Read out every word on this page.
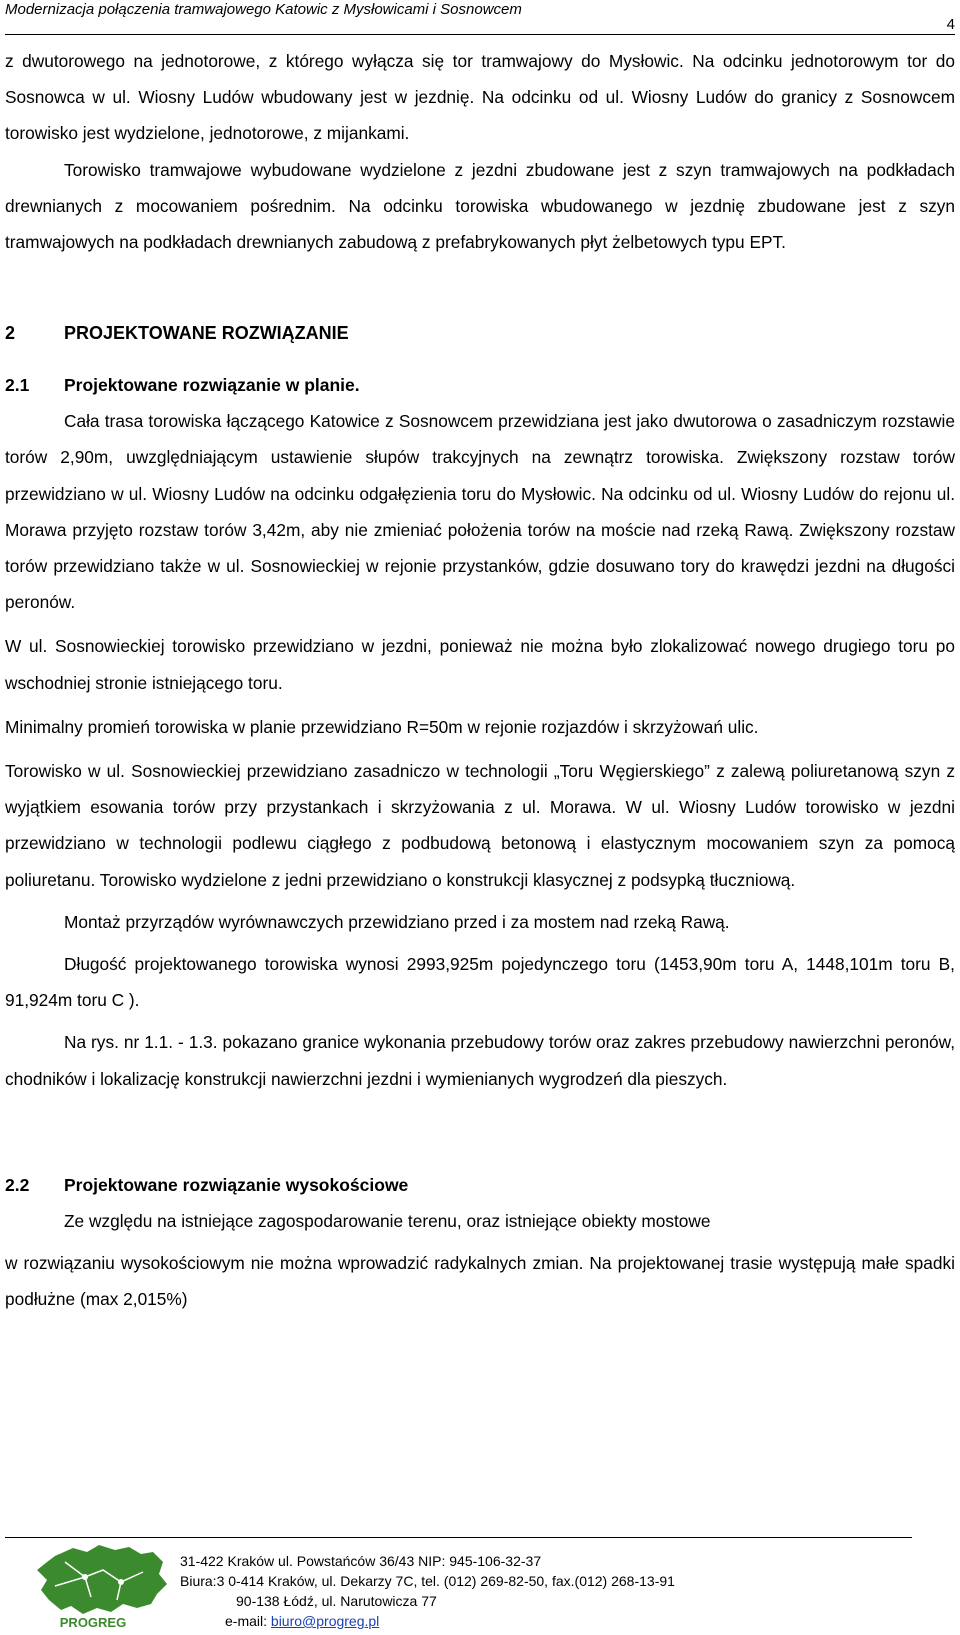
Modernizacja połączenia tramwajowego Katowic z Mysłowicami i Sosnowcem
4

z dwutorowego na jednotorowe, z którego wyłącza się tor tramwajowy do Mysłowic. Na odcinku jednotorowym tor do Sosnowca w ul. Wiosny Ludów wbudowany jest w jezdnię. Na odcinku od ul. Wiosny Ludów do granicy z Sosnowcem torowisko jest wydzielone, jednotorowe, z mijankami.

Torowisko tramwajowe wybudowane wydzielone z jezdni zbudowane jest z szyn tramwajowych na podkładach drewnianych z mocowaniem pośrednim. Na odcinku torowiska wbudowanego w jezdnię zbudowane jest z szyn tramwajowych na podkładach drewnianych zabudową z prefabrykowanych płyt żelbetowych typu EPT.

2	PROJEKTOWANE ROZWIĄZANIE
2.1 Projektowane rozwiązanie w planie.

Cała trasa torowiska łączącego Katowice z Sosnowcem przewidziana jest jako dwutorowa o zasadniczym rozstawie torów 2,90m, uwzględniającym ustawienie słupów trakcyjnych na zewnątrz torowiska. Zwiększony rozstaw torów przewidziano w ul. Wiosny Ludów na odcinku odgałęzienia toru do Mysłowic. Na odcinku od ul. Wiosny Ludów do rejonu ul. Morawa przyjęto rozstaw torów 3,42m, aby nie zmieniać położenia torów na moście nad rzeką Rawą. Zwiększony rozstaw torów przewidziano także w ul. Sosnowieckiej w rejonie przystanków, gdzie dosuwano tory do krawędzi jezdni na długości peronów.

W ul. Sosnowieckiej torowisko przewidziano w jezdni, ponieważ nie można było zlokalizować nowego drugiego toru po wschodniej stronie istniejącego toru.

Minimalny promień torowiska w planie przewidziano R=50m w rejonie rozjazdów i skrzyżowań ulic.

Torowisko w ul. Sosnowieckiej przewidziano zasadniczo w technologii „Toru Węgierskiego” z zalewą poliuretanową szyn z wyjątkiem esowania torów przy przystankach i skrzyżowania z ul. Morawa. W ul. Wiosny Ludów torowisko w jezdni przewidziano w technologii podlewu ciągłego z podbudową betonową i elastycznym mocowaniem szyn za pomocą poliuretanu. Torowisko wydzielone z jedni przewidziano o konstrukcji klasycznej z podsypką tłuczniową.

Montaż przyrządów wyrównawczych przewidziano przed i za mostem nad rzeką Rawą.

Długość projektowanego torowiska wynosi 2993,925m pojedynczego toru (1453,90m toru A, 1448,101m toru B, 91,924m toru C ).

Na rys. nr 1.1. - 1.3. pokazano granice wykonania przebudowy torów oraz zakres przebudowy nawierzchni peronów, chodników i lokalizację konstrukcji nawierzchni jezdni i wymienianych wygrodzeń dla pieszych.

2.2 Projektowane rozwiązanie wysokościowe

Ze względu na istniejące zagospodarowanie terenu, oraz istniejące obiekty mostowe

w rozwiązaniu wysokościowym nie można wprowadzić radykalnych zmian. Na projektowanej trasie występują małe spadki podłużne (max 2,015%)

PROGREG
31-422 Kraków ul. Powstańców 36/43 NIP: 945-106-32-37
Biura:3 0-414 Kraków, ul. Dekarzy 7C, tel. (012) 269-82-50, fax.(012) 268-13-91
90-138 Łódź, ul. Narutowicza 77
e-mail: biuro@progreg.pl
